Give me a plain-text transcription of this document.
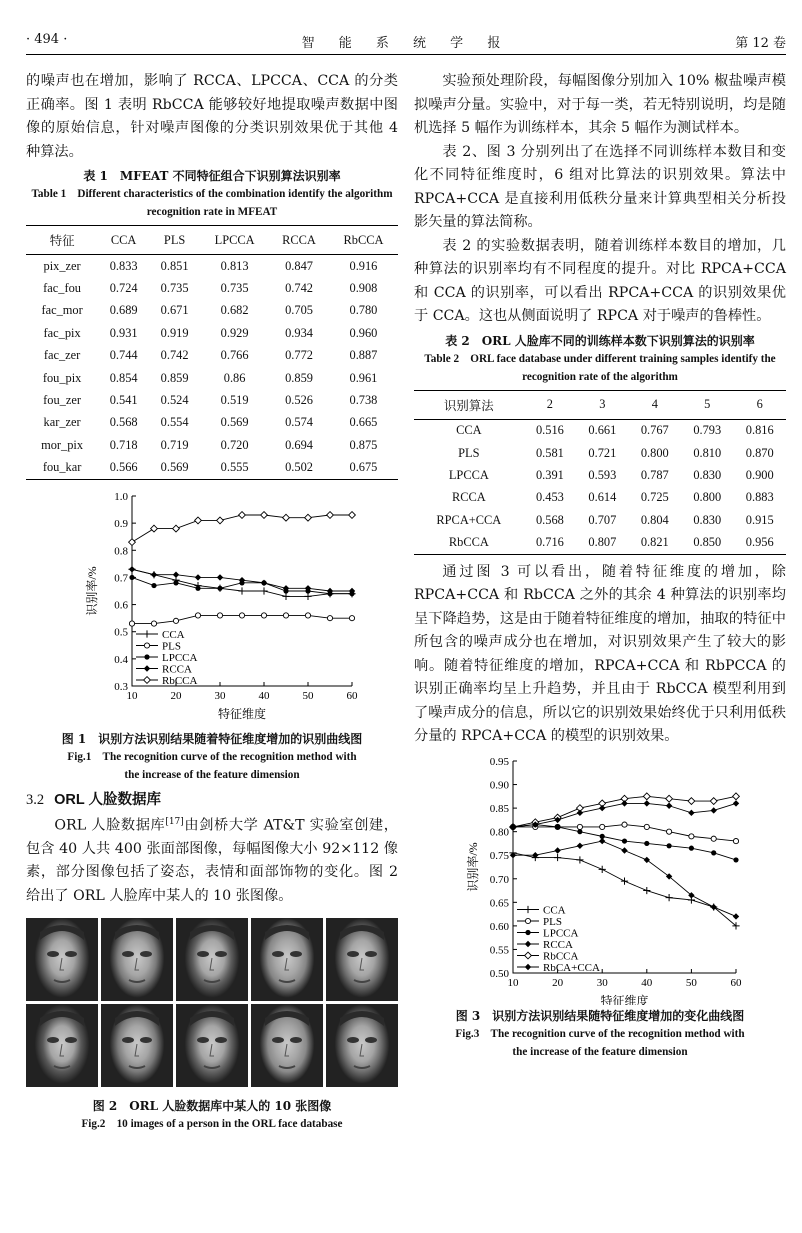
· 494 ·	智 能 系 统 学 报	第 12 卷

的噪声也在增加，影响了 RCCA、LPCCA、CCA 的分类正确率。图 1 表明 RbCCA 能够较好地提取噪声数据中图像的原始信息，针对噪声图像的分类识别效果优于其他 4 种算法。

表 1　MFEAT 不同特征组合下识别算法识别率

Table 1　Different characteristics of the combination identify the algorithm recognition rate in MFEAT

特征	CCA	PLS	LPCCA	RCCA	RbCCA
pix_zer	0.833	0.851	0.813	0.847	0.916
fac_fou	0.724	0.735	0.735	0.742	0.908
fac_mor	0.689	0.671	0.682	0.705	0.780
fac_pix	0.931	0.919	0.929	0.934	0.960
fac_zer	0.744	0.742	0.766	0.772	0.887
fou_pix	0.854	0.859	0.86	0.859	0.961
fou_zer	0.541	0.524	0.519	0.526	0.738
kar_zer	0.568	0.554	0.569	0.574	0.665
mor_pix	0.718	0.719	0.720	0.694	0.875
fou_kar	0.566	0.569	0.555	0.502	0.675
0.3
0.4
0.5
0.6
0.7
0.8
0.9
1.0
10	20	30	40	50	60
特征维度
识别率/%
CCA
PLS
LPCCA
RCCA
RbCCA

图 1　识别方法识别结果随着特征维度增加的识别曲线图

Fig.1　The recognition curve of the recognition method with the increase of the feature dimension

3.2 ORL 人脸数据库

ORL 人脸数据库[17]由剑桥大学 AT&T 实验室创建，包含 40 人共 400 张面部图像，每幅图像大小 92×112 像素，部分图像包括了姿态，表情和面部饰物的变化。图 2 给出了 ORL 人脸库中某人的 10 张图像。

图 2　ORL 人脸数据库中某人的 10 张图像

Fig.2　10 images of a person in the ORL face database

实验预处理阶段，每幅图像分别加入 10% 椒盐噪声模拟噪声分量。实验中，对于每一类，若无特别说明，均是随机选择 5 幅作为训练样本，其余 5 幅作为测试样本。

表 2、图 3 分别列出了在选择不同训练样本数目和变化不同特征维度时，6 组对比算法的识别效果。算法中 RPCA+CCA 是直接利用低秩分量来计算典型相关分析投影矢量的算法简称。

表 2 的实验数据表明，随着训练样本数目的增加，几种算法的识别率均有不同程度的提升。对比 RPCA+CCA 和 CCA 的识别率，可以看出 RPCA+CCA 的识别效果优于 CCA。这也从侧面说明了 RPCA 对于噪声的鲁棒性。

表 2　ORL 人脸库不同的训练样本数下识别算法的识别率

Table 2　ORL face database under different training samples identify the recognition rate of the algorithm

识别算法	2	3	4	5	6
CCA	0.516	0.661	0.767	0.793	0.816
PLS	0.581	0.721	0.800	0.810	0.870
LPCCA	0.391	0.593	0.787	0.830	0.900
RCCA	0.453	0.614	0.725	0.800	0.883
RPCA+CCA	0.568	0.707	0.804	0.830	0.915
RbCCA	0.716	0.807	0.821	0.850	0.956

通过图 3 可以看出，随着特征维度的增加，除 RPCA+CCA 和 RbCCA 之外的其余 4 种算法的识别率均呈下降趋势，这是由于随着特征维度的增加，抽取的特征中所包含的噪声成分也在增加，对识别效果产生了较大的影响。随着特征维度的增加，RPCA+CCA 和 RbPCCA 的识别正确率均呈上升趋势，并且由于 RbCCA 模型利用到了噪声成分的信息，所以它的识别效果始终优于只利用低秩分量的 RPCA+CCA 的模型的识别效果。

0.50
0.55
0.60
0.65
0.70
0.75
0.80
0.85
0.90
0.95
10	20	30	40	50	60
特征维度
识别率/%
CCA
PLS
LPCCA
RCCA
RbCCA
RbCA+CCA

图 3　识别方法识别结果随特征维度增加的变化曲线图

Fig.3　The recognition curve of the recognition method with the increase of the feature dimension
